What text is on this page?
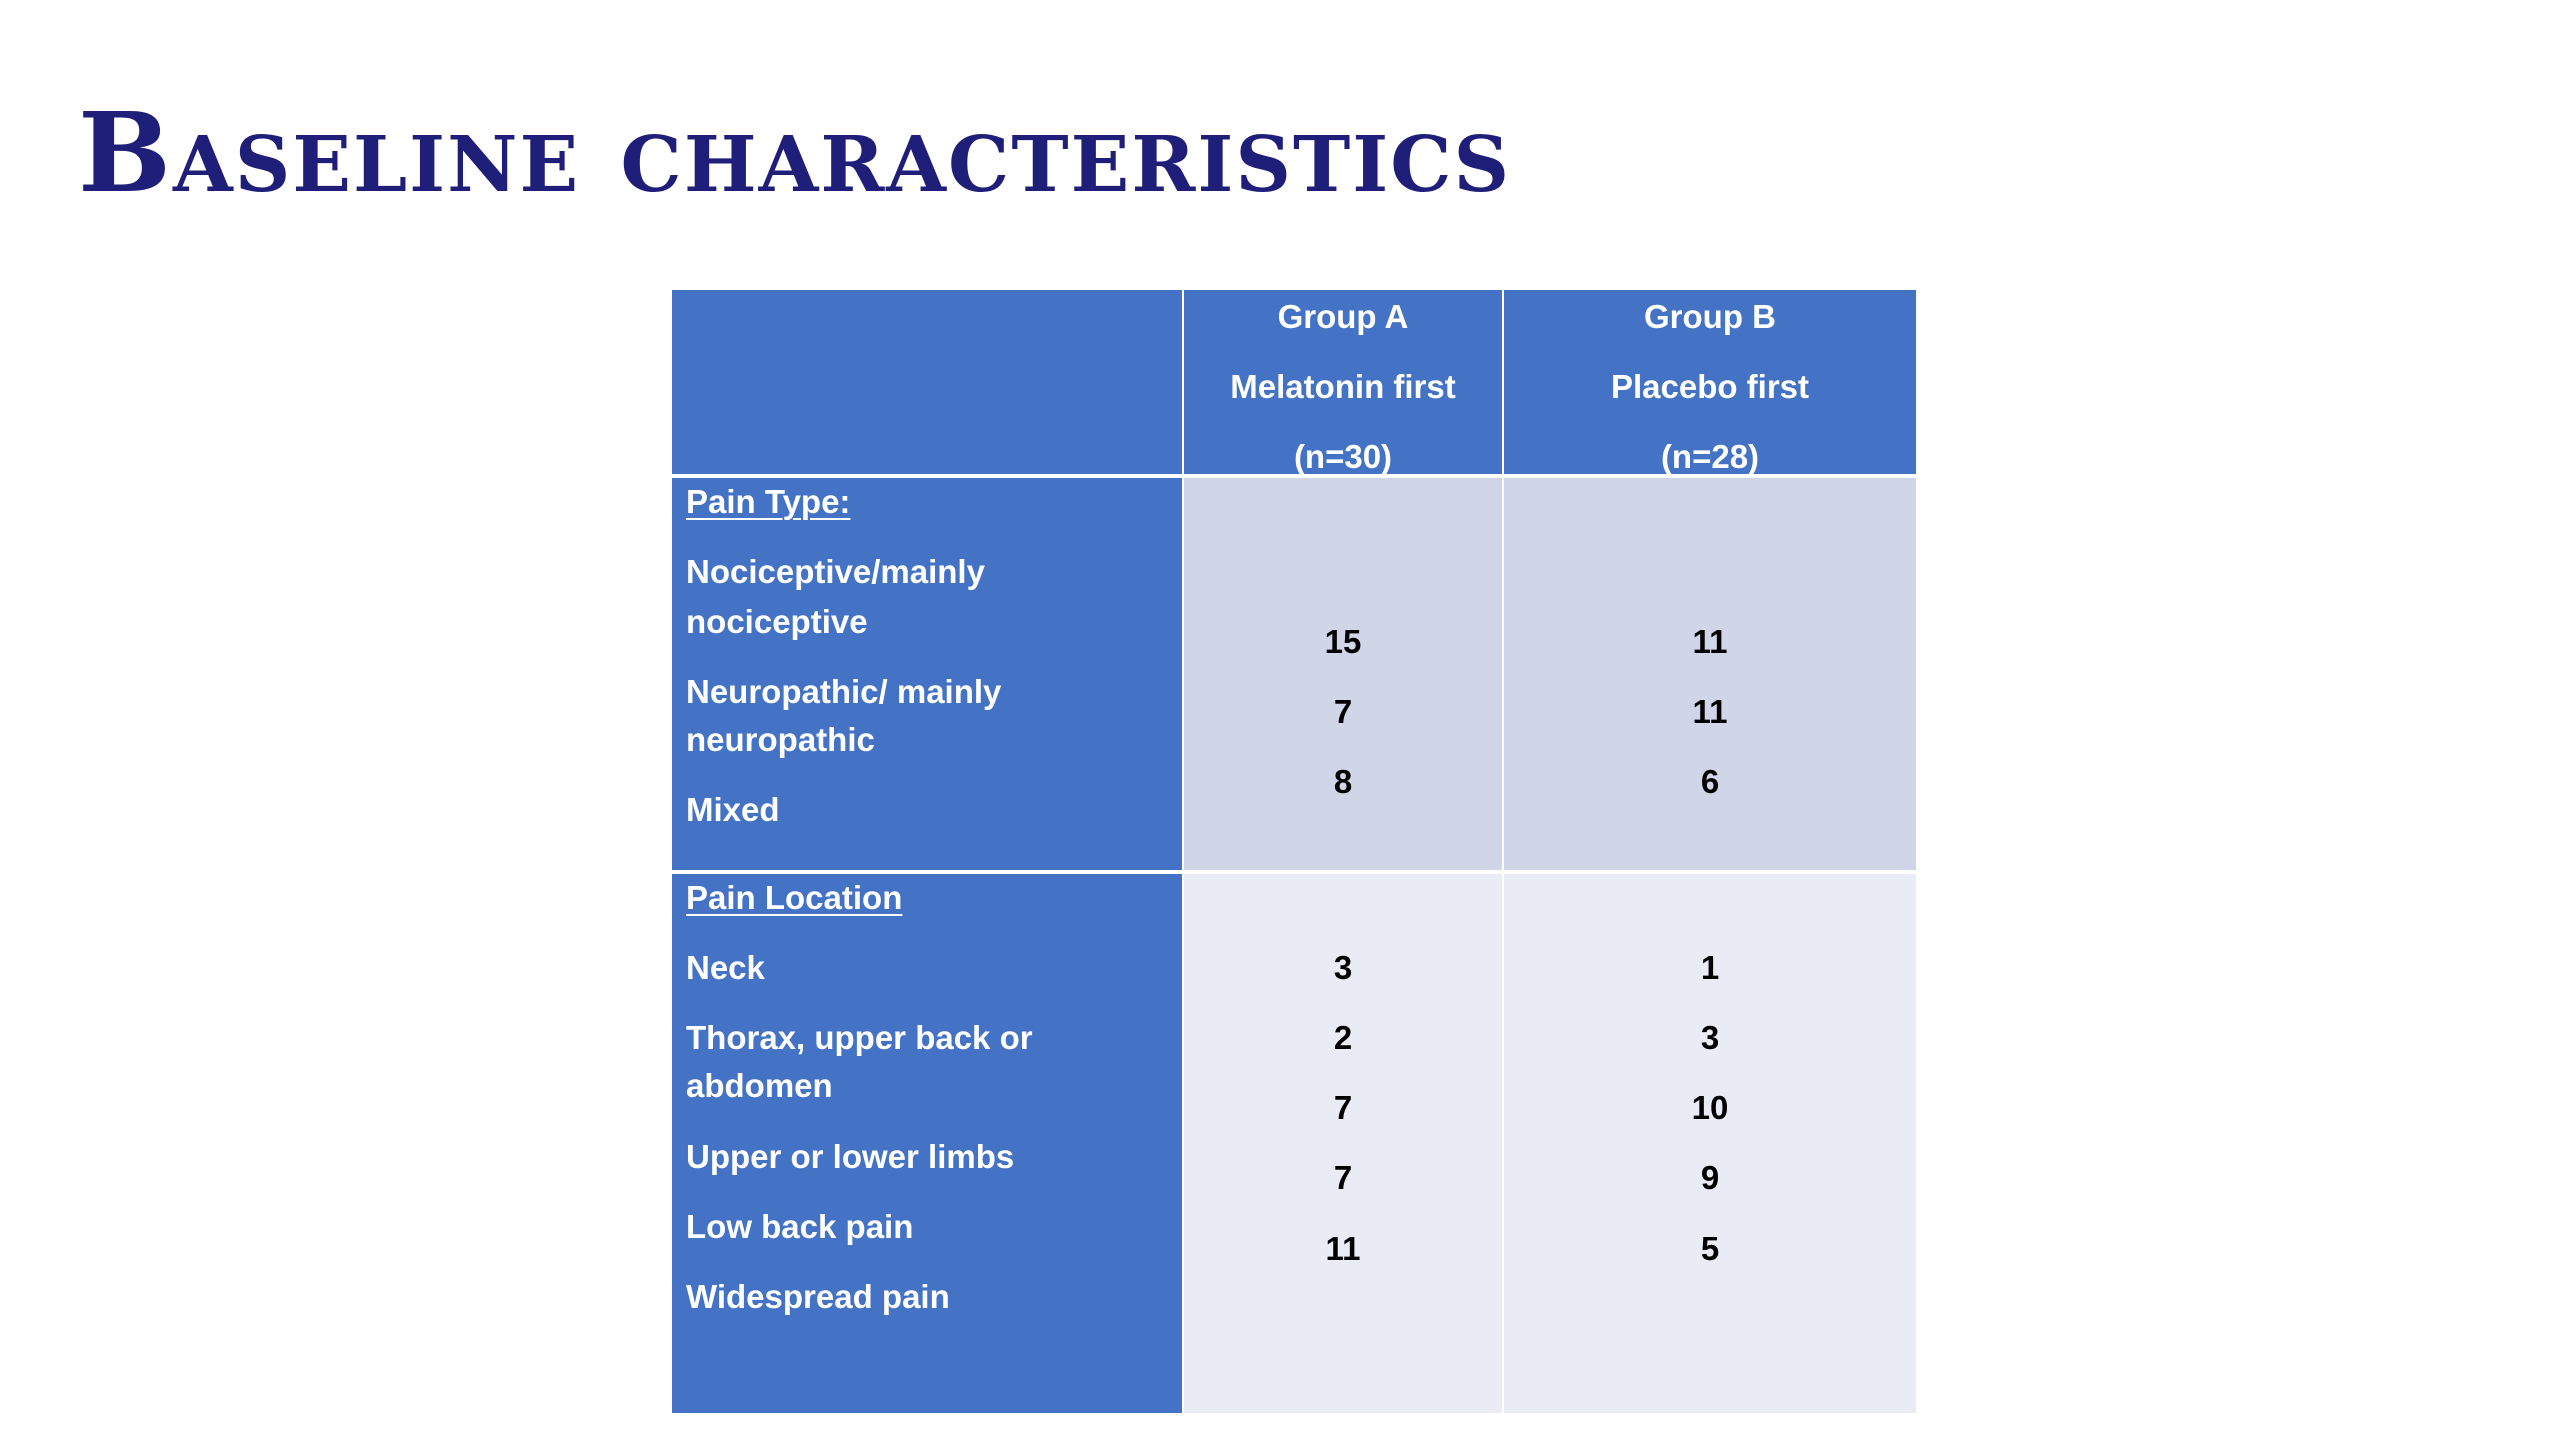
Baseline characteristics
Group A
Melatonin first
(n=30)
Group B
Placebo first
(n=28)
Pain Type:
Nociceptive/mainly
nociceptive
Neuropathic/ mainly
neuropathic
Mixed
15
7
8
11
11
6
Pain Location
Neck
Thorax, upper back or
abdomen
Upper or lower limbs
Low back pain
Widespread pain
3
2
7
7
11
1
3
10
9
5
